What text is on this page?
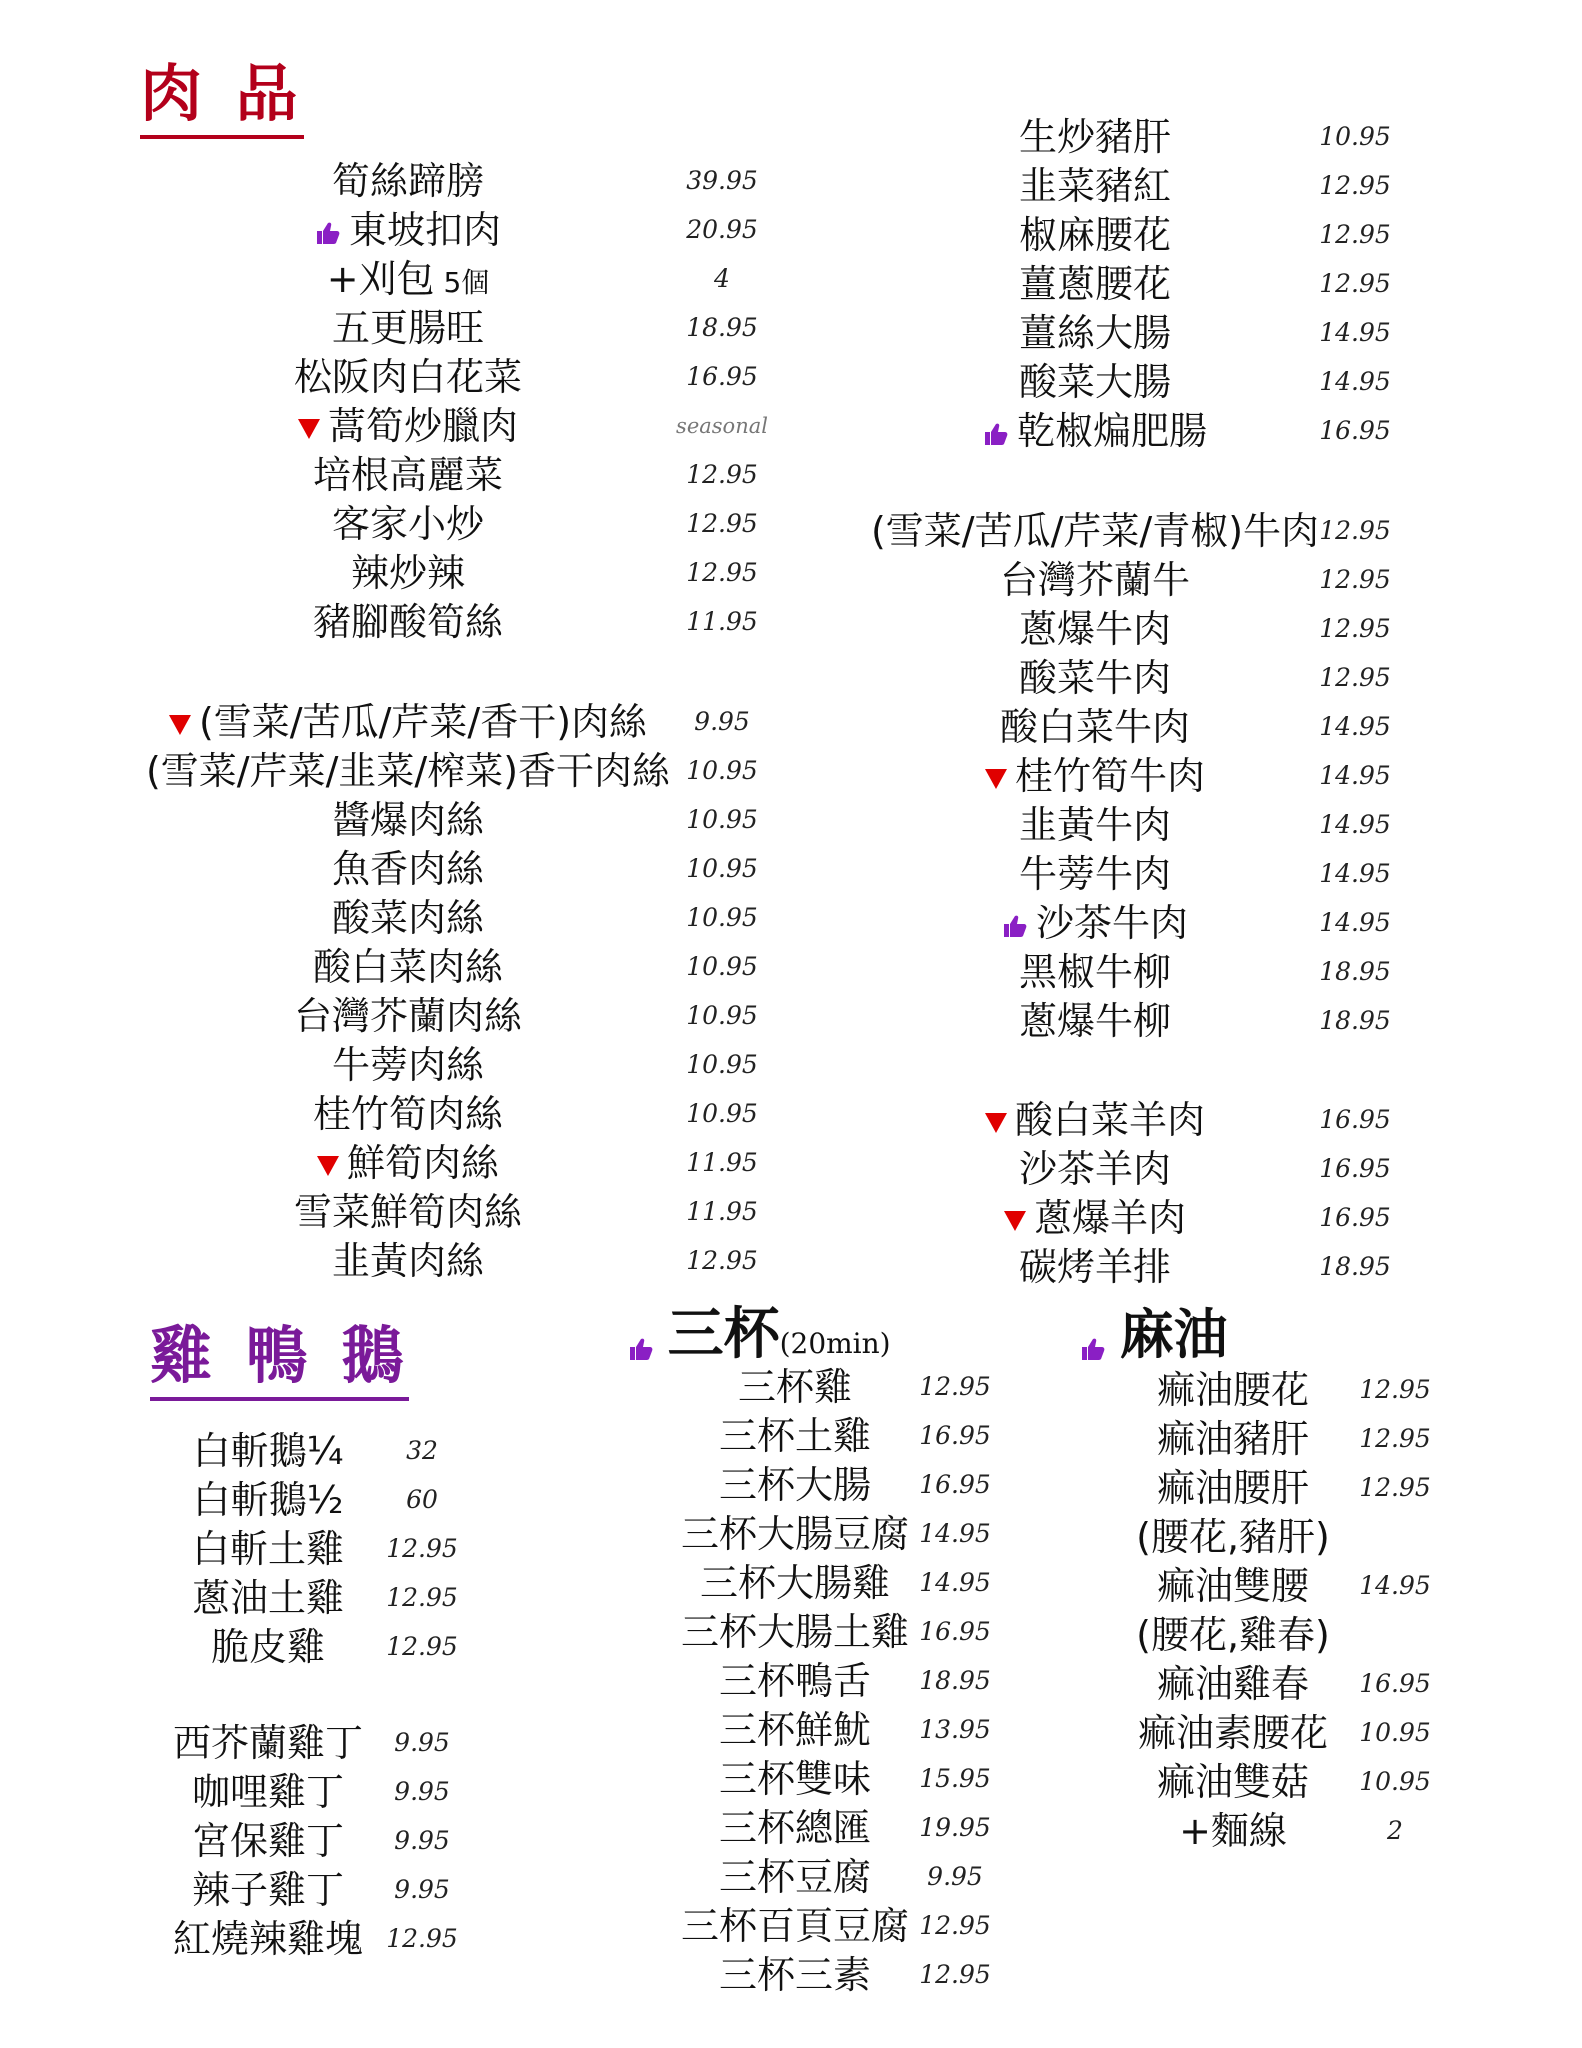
肉 品
雞 鴨 鵝	三杯(20min)	麻油
筍絲蹄膀	39.95
東坡扣肉	20.95
+刈包 5個	4
五更腸旺	18.95
松阪肉白花菜	16.95
蒿筍炒臘肉	seasonal
培根高麗菜	12.95
客家小炒	12.95
辣炒辣	12.95
豬腳酸筍絲	11.95
(雪菜/苦瓜/芹菜/香干)肉絲 9.95
(雪菜/芹菜/韭菜/榨菜)香干肉絲 10.95
醬爆肉絲	10.95
魚香肉絲	10.95
酸菜肉絲	10.95
酸白菜肉絲	10.95
台灣芥蘭肉絲	10.95
牛蒡肉絲	10.95
桂竹筍肉絲	10.95
鮮筍肉絲	11.95
雪菜鮮筍肉絲	11.95
韭黃肉絲	12.95
生炒豬肝	10.95
韭菜豬紅	12.95
椒麻腰花	12.95
薑蔥腰花	12.95
薑絲大腸	14.95
酸菜大腸	14.95
乾椒煸肥腸	16.95
(雪菜/苦瓜/芹菜/青椒)牛肉 12.95
台灣芥蘭牛	12.95
蔥爆牛肉	12.95
酸菜牛肉	12.95
酸白菜牛肉	14.95
桂竹筍牛肉	14.95
韭黃牛肉	14.95
牛蒡牛肉	14.95
沙茶牛肉	14.95
黑椒牛柳	18.95
蔥爆牛柳	18.95
酸白菜羊肉	16.95
沙茶羊肉	16.95
蔥爆羊肉	16.95
碳烤羊排	18.95
白斬鵝¼	32
白斬鵝½	60
白斬土雞 12.95
蔥油土雞 12.95
脆皮雞 12.95
西芥蘭雞丁 9.95
咖哩雞丁 9.95
宮保雞丁 9.95
辣子雞丁 9.95
紅燒辣雞塊 12.95
三杯雞	12.95
三杯土雞 16.95
三杯大腸 16.95
三杯大腸豆腐 14.95
三杯大腸雞 14.95
三杯大腸土雞 16.95
三杯鴨舌 18.95
三杯鮮魷 13.95
三杯雙味 15.95
三杯總匯 19.95
三杯豆腐 9.95
三杯百頁豆腐 12.95
三杯三素 12.95
痲油腰花 12.95
痲油豬肝 12.95
痲油腰肝 12.95
(腰花,豬肝)
痲油雙腰 14.95
(腰花,雞春)
痲油雞春 16.95
痲油素腰花 10.95
痲油雙菇 10.95
+麵線	2
